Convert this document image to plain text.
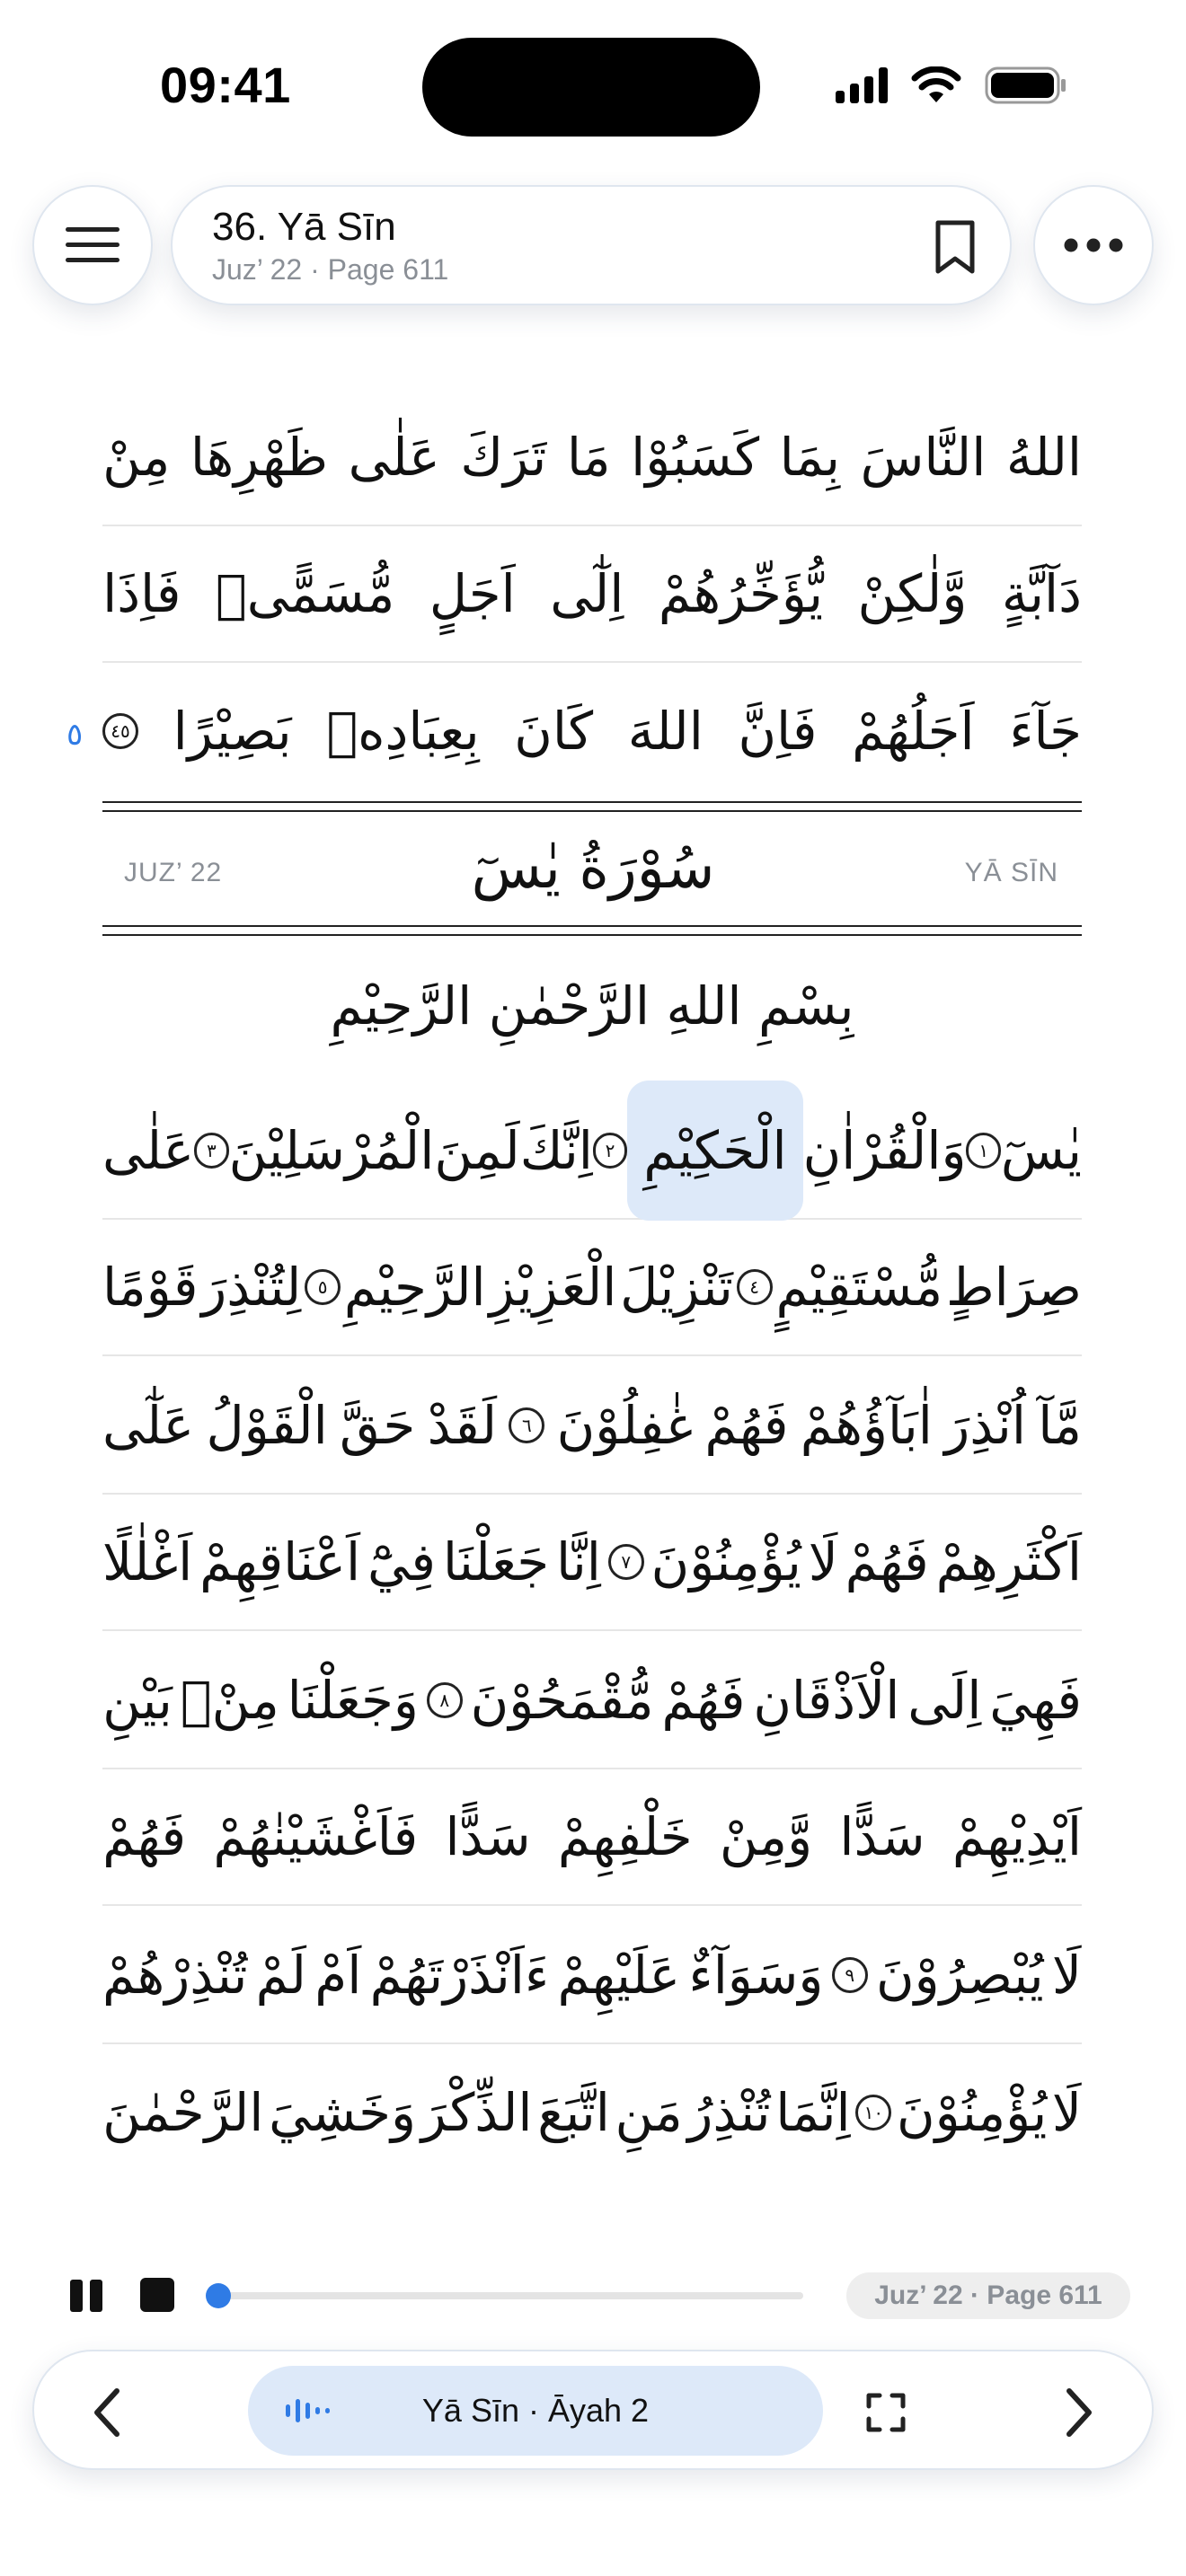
09:41
36. Yā Sīn
Juz’ 22 · Page 611
اللهُ
النَّاسَ
بِمَا
كَسَبُوْا
مَا
تَرَكَ
عَلٰى
ظَهْرِهَا
مِنْ
دَآبَّةٍ
وَّلٰكِنْ
يُّؤَخِّرُهُمْ
اِلٰٓى
اَجَلٍ
مُّسَمًّىۚ
فَاِذَا
جَآءَ
اَجَلُهُمْ
فَاِنَّ
اللهَ
كَانَ
بِعِبَادِهٖ
بَصِيْرًا
٤٥
٥
JUZ’ 22	سُوْرَةُ يٰسٓ	YĀ SĪN
بِسْمِ اللهِ الرَّحْمٰنِ الرَّحِيْمِ
يٰسٓ
١
وَالْقُرْاٰنِ
الْحَكِيْمِ
٢
اِنَّكَ
لَمِنَ
الْمُرْسَلِيْنَ
٣
عَلٰى
صِرَاطٍ
مُّسْتَقِيْمٍ
٤
تَنْزِيْلَ
الْعَزِيْزِ
الرَّحِيْمِ
٥
لِتُنْذِرَ
قَوْمًا
مَّآ
اُنْذِرَ
اٰبَآؤُهُمْ
فَهُمْ
غٰفِلُوْنَ
٦
لَقَدْ
حَقَّ
الْقَوْلُ
عَلٰٓى
اَكْثَرِهِمْ
فَهُمْ
لَا
يُؤْمِنُوْنَ
٧
اِنَّا
جَعَلْنَا
فِيْٓ
اَعْنَاقِهِمْ
اَغْلٰلًا
فَهِيَ
اِلَى
الْاَذْقَانِ
فَهُمْ
مُّقْمَحُوْنَ
٨
وَجَعَلْنَا
مِنْۢ
بَيْنِ
اَيْدِيْهِمْ
سَدًّا
وَّمِنْ
خَلْفِهِمْ
سَدًّا
فَاَغْشَيْنٰهُمْ
فَهُمْ
لَا
يُبْصِرُوْنَ
٩
وَسَوَآءٌ
عَلَيْهِمْ
ءَاَنْذَرْتَهُمْ
اَمْ
لَمْ
تُنْذِرْهُمْ
لَا
يُؤْمِنُوْنَ
١٠
اِنَّمَا
تُنْذِرُ
مَنِ
اتَّبَعَ
الذِّكْرَ
وَخَشِيَ
الرَّحْمٰنَ
Juz’ 22 · Page 611
Yā Sīn · Āyah 2
